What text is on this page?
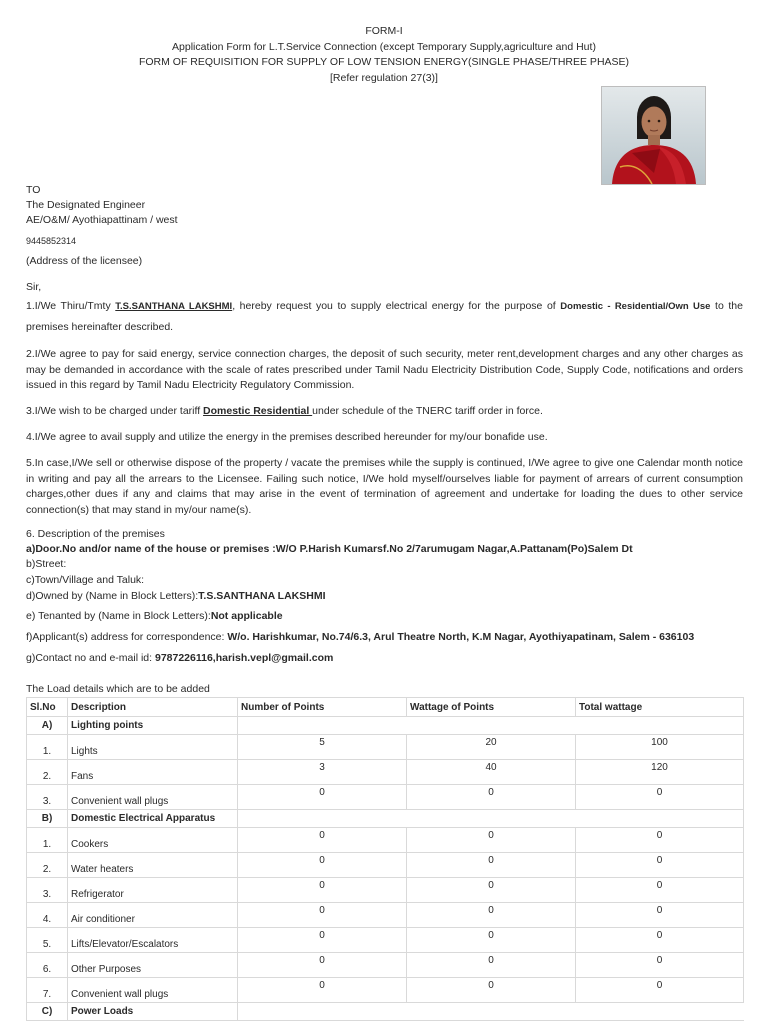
FORM-I
Application Form for L.T.Service Connection (except Temporary Supply,agriculture and Hut)
FORM OF REQUISITION FOR SUPPLY OF LOW TENSION ENERGY(SINGLE PHASE/THREE PHASE)
[Refer regulation 27(3)]
TO
The Designated Engineer
AE/O&M/ Ayothiapattinam / west
9445852314
(Address of the licensee)
Sir,
1.I/We Thiru/Tmty T.S.SANTHANA LAKSHMI, hereby request you to supply electrical energy for the purpose of Domestic - Residential/Own Use to the premises hereinafter described.
2.I/We agree to pay for said energy, service connection charges, the deposit of such security, meter rent,development charges and any other charges as may be demanded in accordance with the scale of rates prescribed under Tamil Nadu Electricity Distribution Code, Supply Code, notifications and orders issued in this regard by Tamil Nadu Electricity Regulatory Commission.
3.I/We wish to be charged under tariff Domestic Residential under schedule of the TNERC tariff order in force.
4.I/We agree to avail supply and utilize the energy in the premises described hereunder for my/our bonafide use.
5.In case,I/We sell or otherwise dispose of the property / vacate the premises while the supply is continued, I/We agree to give one Calendar month notice in writing and pay all the arrears to the Licensee. Failing such notice, I/We hold myself/ourselves liable for payment of arrears of current consumption charges,other dues if any and claims that may arise in the event of termination of agreement and undertake for loading the dues to other service connection(s) that may stand in my/our name(s).
6. Description of the premises
a)Door.No and/or name of the house or premises :W/O P.Harish Kumarsf.No 2/7arumugam Nagar,A.Pattanam(Po)Salem Dt
b)Street:
c)Town/Village and Taluk:
d)Owned by (Name in Block Letters):T.S.SANTHANA LAKSHMI
e) Tenanted by (Name in Block Letters):Not applicable
f)Applicant(s) address for correspondence: W/o. Harishkumar, No.74/6.3, Arul Theatre North, K.M Nagar, Ayothiyapatinam, Salem - 636103
g)Contact no and e-mail id: 9787226116,harish.vepl@gmail.com
The Load details which are to be added
Sl.No	Description	Number of Points	Wattage of Points	Total wattage
A)	Lighting points			
1.	Lights	5	20	100
2.	Fans	3	40	120
3.	Convenient wall plugs	0	0	0
B)	Domestic Electrical Apparatus			
1.	Cookers	0	0	0
2.	Water heaters	0	0	0
3.	Refrigerator	0	0	0
4.	Air conditioner	0	0	0
5.	Lifts/Elevator/Escalators	0	0	0
6.	Other Purposes	0	0	0
7.	Convenient wall plugs	0	0	0
C)	Power Loads			
